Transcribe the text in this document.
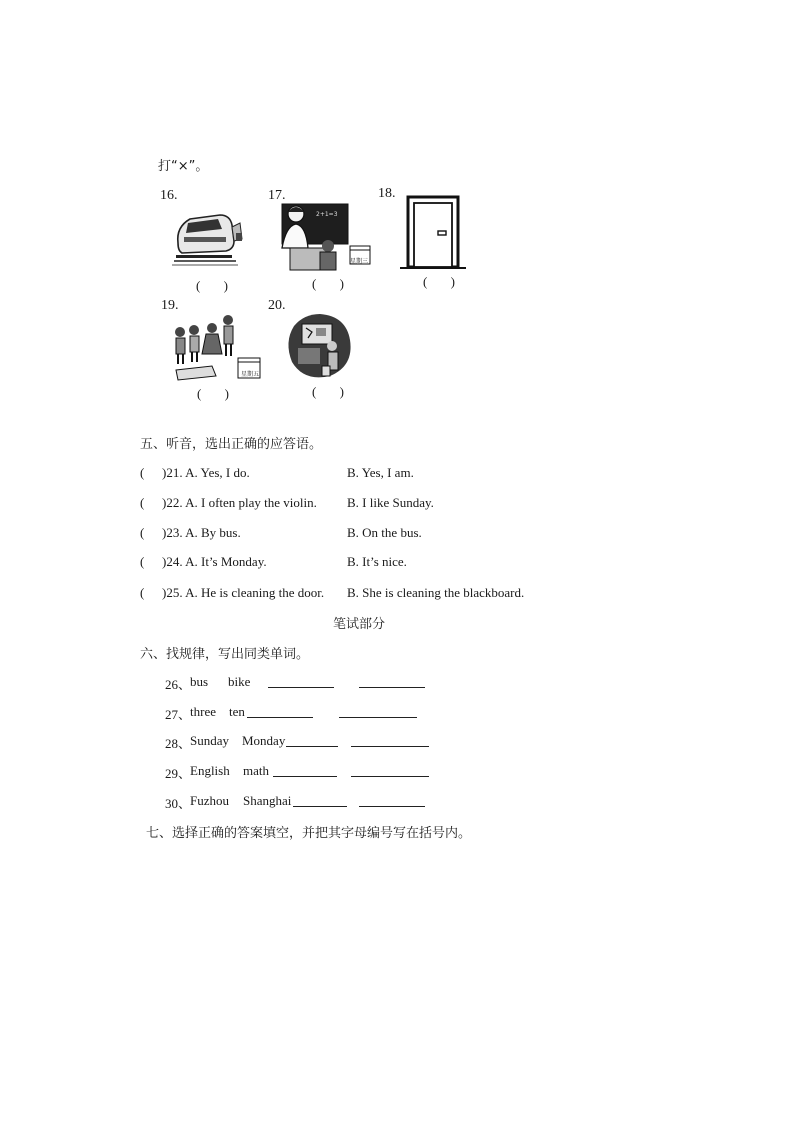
打“×”。
16.	17.	18.
19.	20.
2+1=3
星期三
星期五
( )	( )	( )
( )	( )
五、听音，选出正确的应答语。
( )21. A. Yes, I do.	B. Yes, I am.
( )22. A. I often play the violin. B. I like Sunday.
( )23. A. By bus.	B. On the bus.
( )24. A. It’s Monday.	B. It’s nice.
( )25. A. He is cleaning the door. B. She is cleaning the blackboard.
笔试部分
六、找规律，写出同类单词。
26、
bus bike
27、
three ten
28、
Sunday Monday
29、
English math
30、
Fuzhou Shanghai
七、选择正确的答案填空，并把其字母编号写在括号内。
